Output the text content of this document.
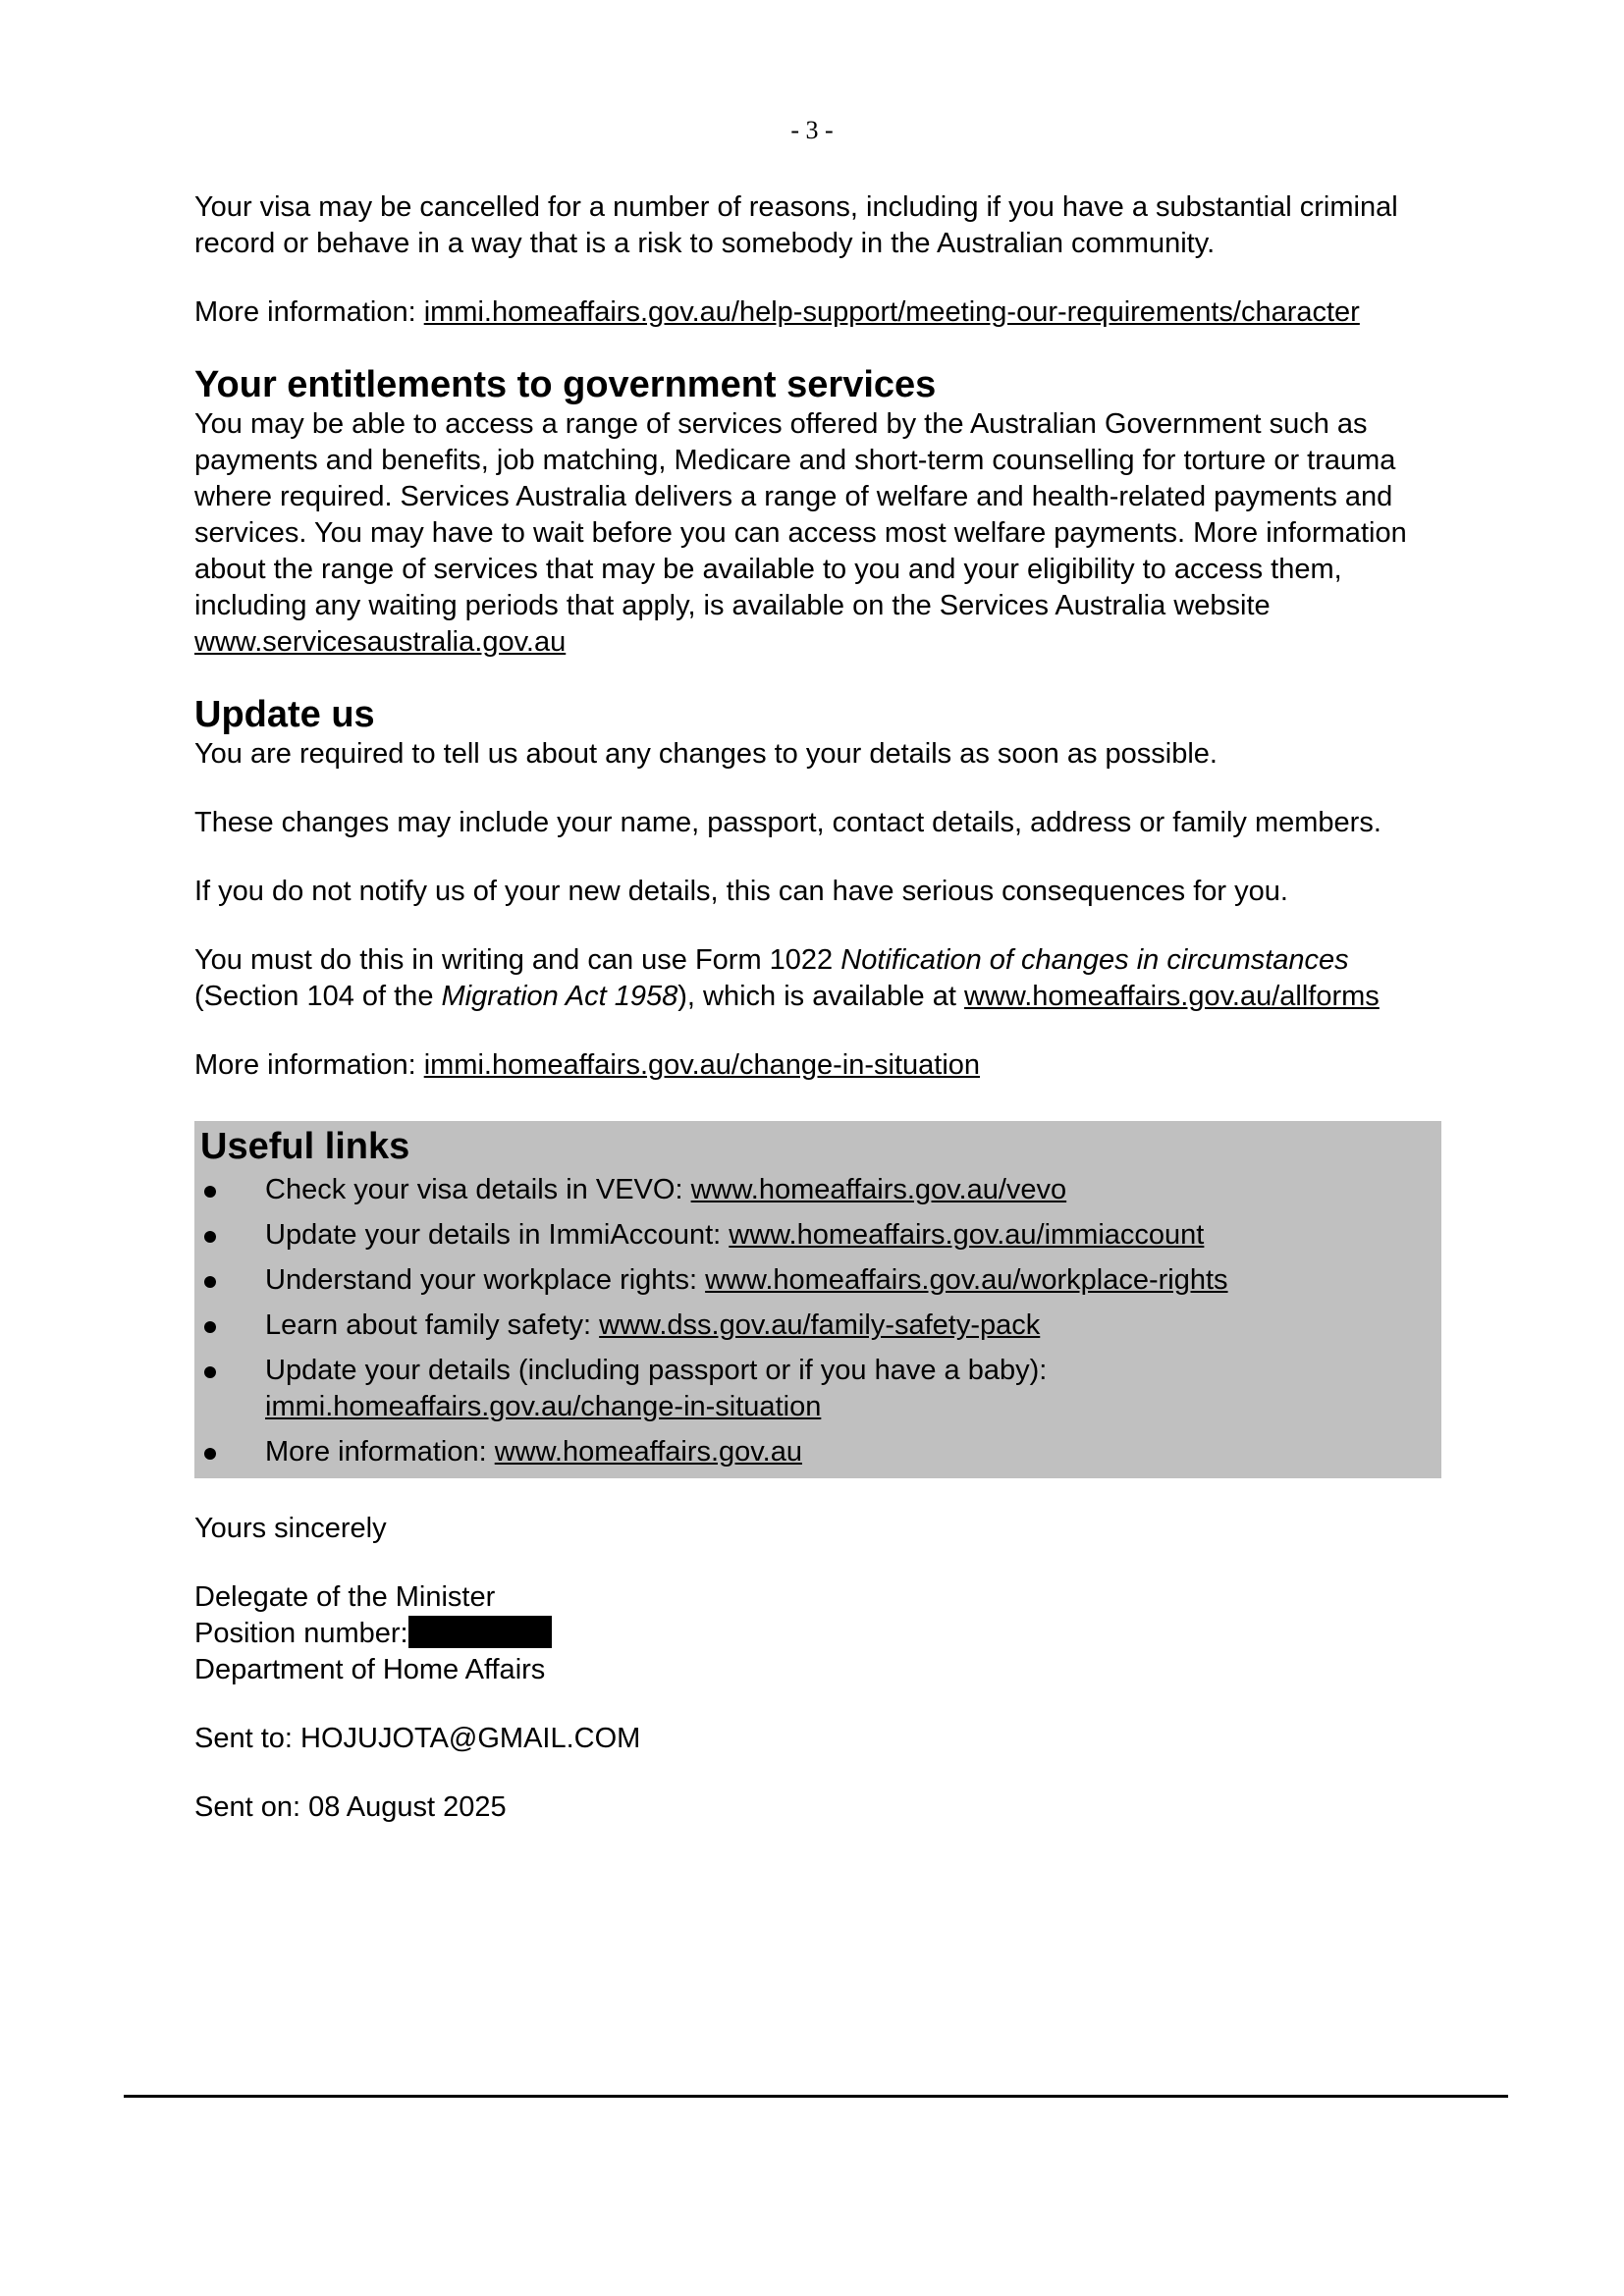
- 3 -

Your visa may be cancelled for a number of reasons, including if you have a substantial criminal record or behave in a way that is a risk to somebody in the Australian community.

More information: immi.homeaffairs.gov.au/help-support/meeting-our-requirements/character

Your entitlements to government services

You may be able to access a range of services offered by the Australian Government such as payments and benefits, job matching, Medicare and short-term counselling for torture or trauma where required. Services Australia delivers a range of welfare and health-related payments and services. You may have to wait before you can access most welfare payments. More information about the range of services that may be available to you and your eligibility to access them, including any waiting periods that apply, is available on the Services Australia website www.servicesaustralia.gov.au

Update us

You are required to tell us about any changes to your details as soon as possible.

These changes may include your name, passport, contact details, address or family members.

If you do not notify us of your new details, this can have serious consequences for you.

You must do this in writing and can use Form 1022 Notification of changes in circumstances (Section 104 of the Migration Act 1958), which is available at www.homeaffairs.gov.au/allforms

More information: immi.homeaffairs.gov.au/change-in-situation

Useful links
Check your visa details in VEVO: www.homeaffairs.gov.au/vevo
Update your details in ImmiAccount: www.homeaffairs.gov.au/immiaccount
Understand your workplace rights: www.homeaffairs.gov.au/workplace-rights
Learn about family safety: www.dss.gov.au/family-safety-pack
Update your details (including passport or if you have a baby):
immi.homeaffairs.gov.au/change-in-situation
More information: www.homeaffairs.gov.au

Yours sincerely

Delegate of the Minister
Position number:
Department of Home Affairs

Sent to: HOJUJOTA@GMAIL.COM

Sent on: 08 August 2025
